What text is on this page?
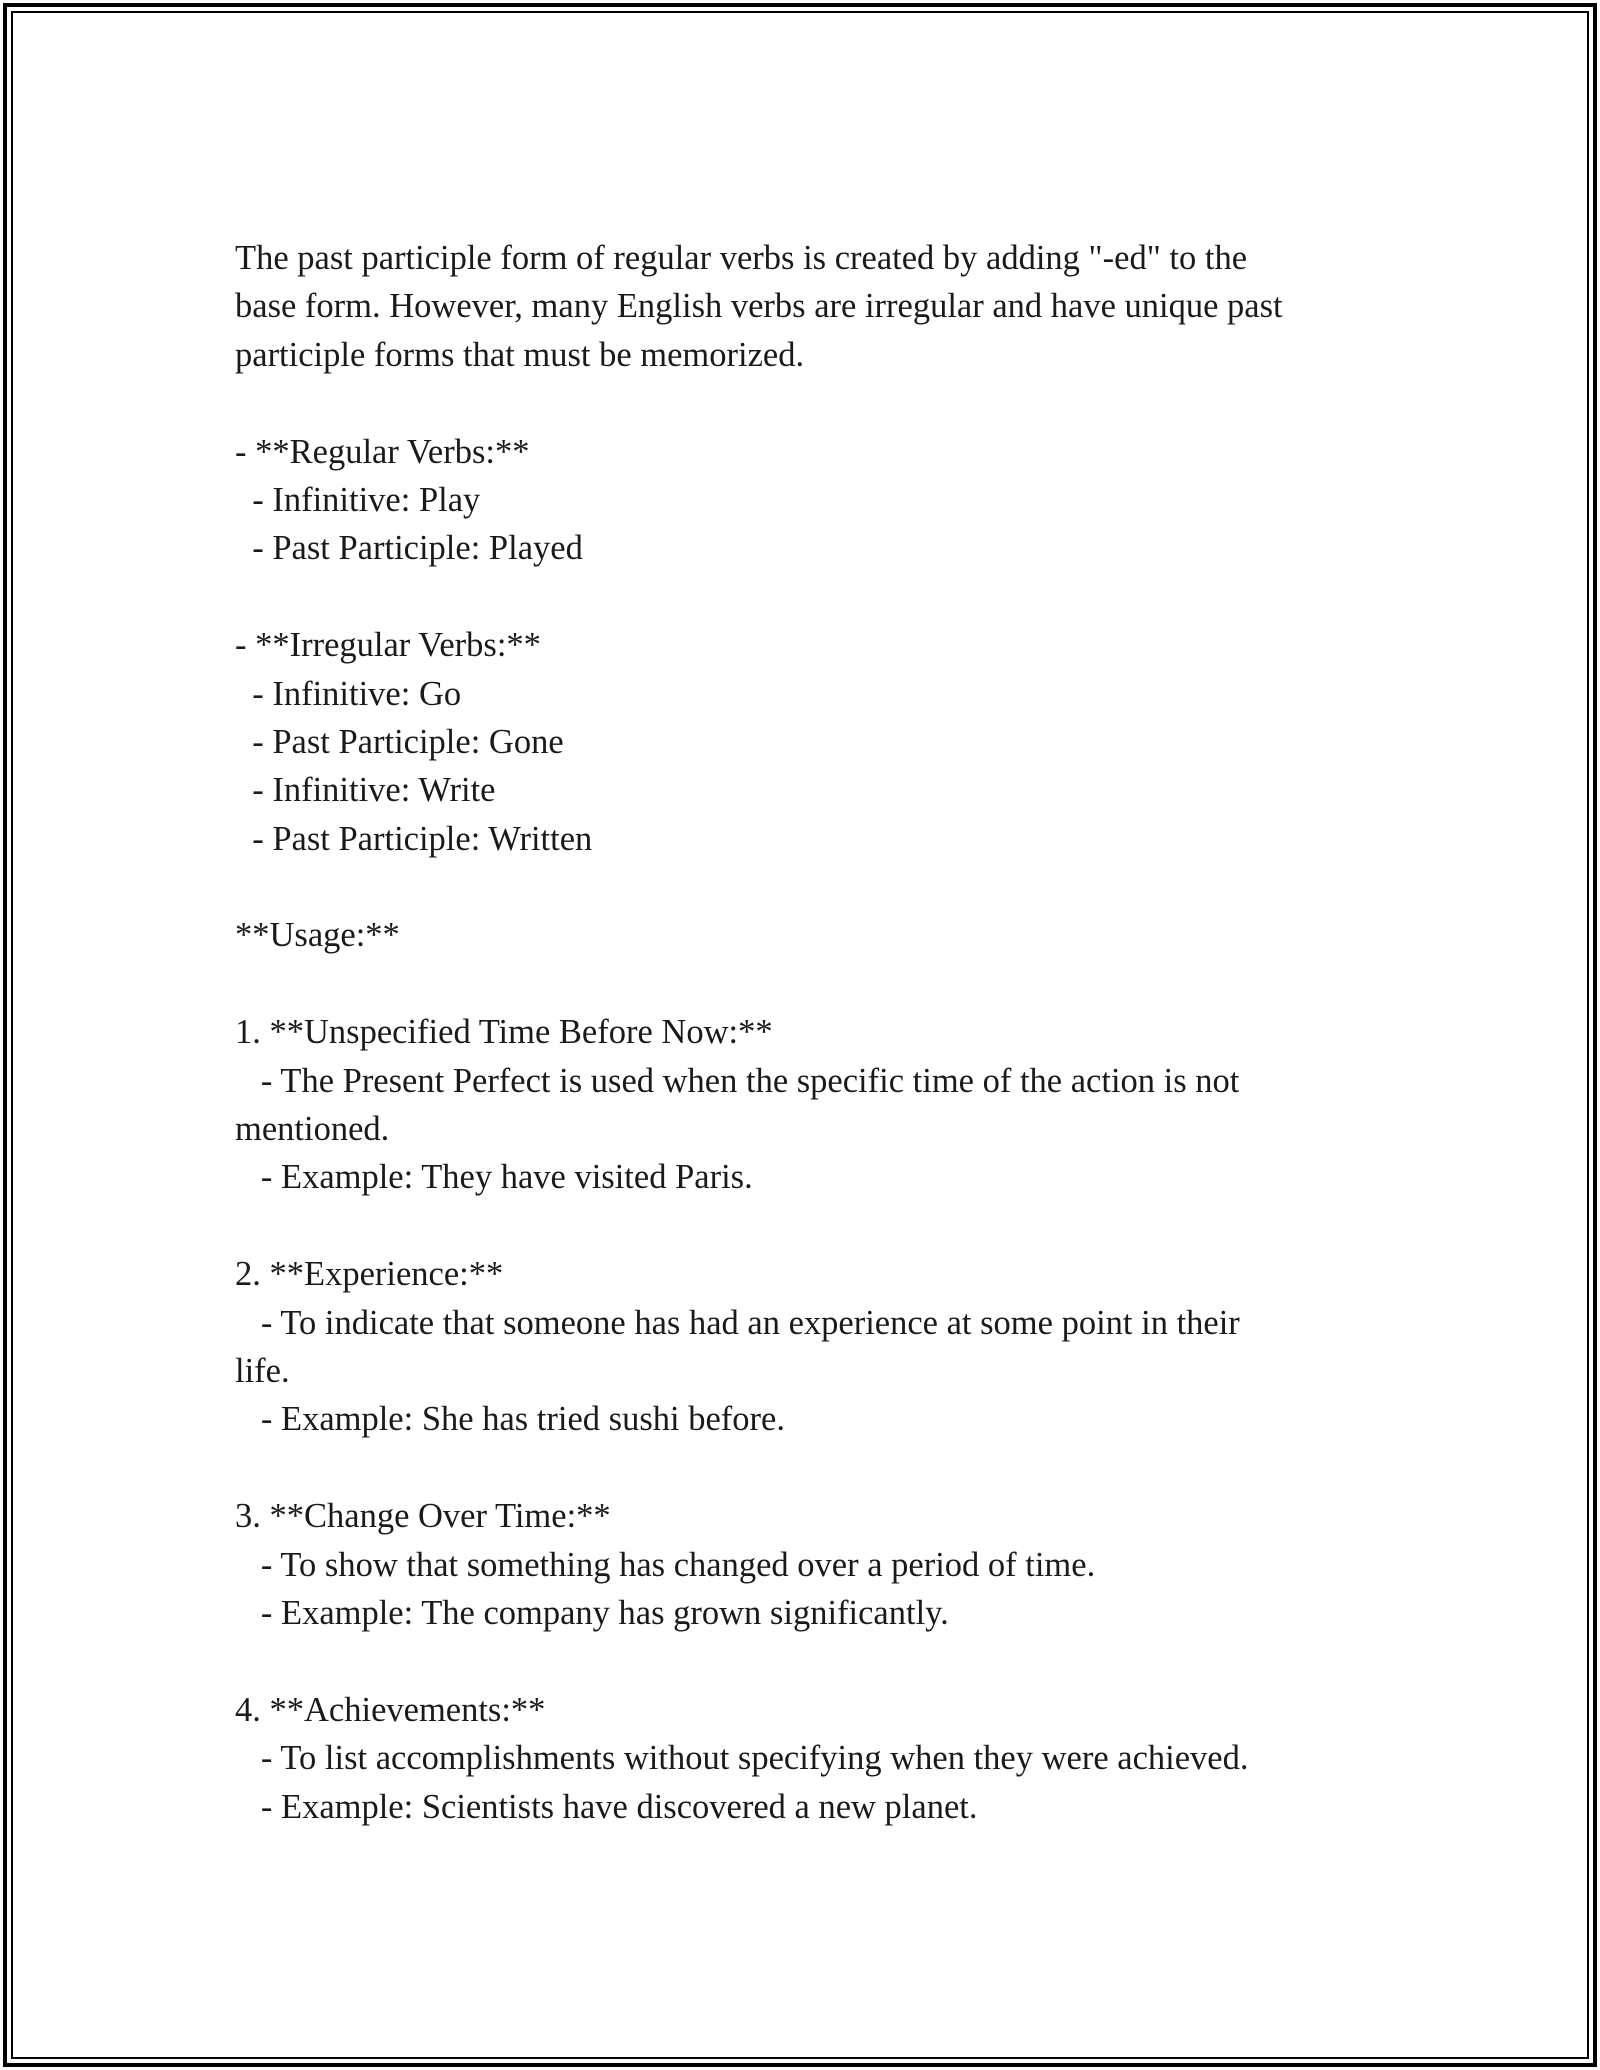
The past participle form of regular verbs is created by adding "-ed" to the
base form. However, many English verbs are irregular and have unique past
participle forms that must be memorized.
- **Regular Verbs:**
- Infinitive: Play
- Past Participle: Played
- **Irregular Verbs:**
- Infinitive: Go
- Past Participle: Gone
- Infinitive: Write
- Past Participle: Written
**Usage:**
1. **Unspecified Time Before Now:**
- The Present Perfect is used when the specific time of the action is not
mentioned.
- Example: They have visited Paris.
2. **Experience:**
- To indicate that someone has had an experience at some point in their
life.
- Example: She has tried sushi before.
3. **Change Over Time:**
- To show that something has changed over a period of time.
- Example: The company has grown significantly.
4. **Achievements:**
- To list accomplishments without specifying when they were achieved.
- Example: Scientists have discovered a new planet.
